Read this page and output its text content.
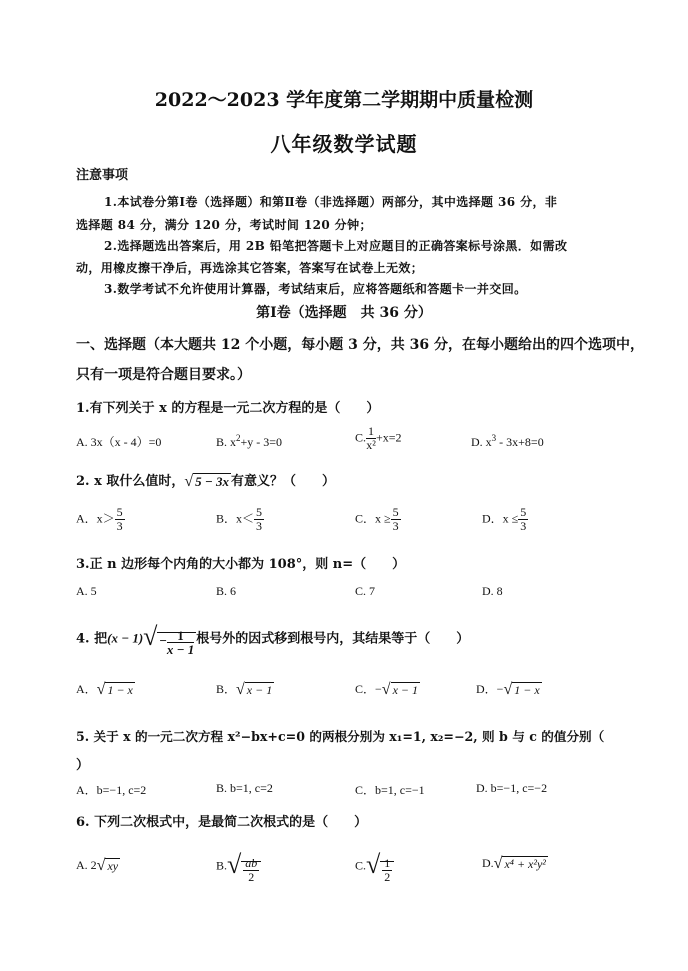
2022～2023 学年度第二学期期中质量检测
八年级数学试题
注意事项
1.本试卷分第Ⅰ卷（选择题）和第Ⅱ卷（非选择题）两部分，其中选择题 36 分，非
选择题 84 分，满分 120 分，考试时间 120 分钟；
2.选择题选出答案后，用 2B 铅笔把答题卡上对应题目的正确答案标号涂黑．如需改
动，用橡皮擦干净后，再选涂其它答案，答案写在试卷上无效；
3.数学考试不允许使用计算器，考试结束后，应将答题纸和答题卡一并交回。
第Ⅰ卷（选择题　共 36 分）
一、选择题（本大题共 12 个小题，每小题 3 分，共 36 分，在每小题给出的四个选项中，
只有一项是符合题目要求。）
1.有下列关于 x 的方程是一元二次方程的是（　　）
A. 3x（x - 4）=0	B. $x^2+y - 3=0$	C. $\frac{1}{\text{x²}} +x=2$	D. $x^3 - 3x+8=0$
2. x 取什么值时，√ 5 − 3x 有意义？（　　）
A．$x> \frac{5}{3}$	B．$x< \frac{5}{3}$	C．$x \ge \frac{5}{3}$	D．$x \le \frac{5}{3}$
3.正 n 边形每个内角的大小都为 108°，则 n=（　　）
A. 5	B. 6	C. 7	D. 8
4. 把$(x - 1)√ - \frac{1}{x - 1}$ 根号外的因式移到根号内，其结果等于（　　）
A．√ 1 − x	B．√ x − 1	C．−√ x − 1	D．−√ 1 − x
5. 关于 x 的一元二次方程 x²−bx+c=0 的两根分别为 x₁=1, x₂=−2, 则 b 与 c 的值分别（
）
A．b=−1, c=2	B. b=1, c=2	C．b=1, c=−1	D. b=−1, c=−2
6. 下列二次根式中，是最简二次根式的是（　　）
A. 2√ xy	$B.√ \frac{ab}{2}$	$C.√ \frac{1}{2}$	D.√ x⁴ + x²y²
